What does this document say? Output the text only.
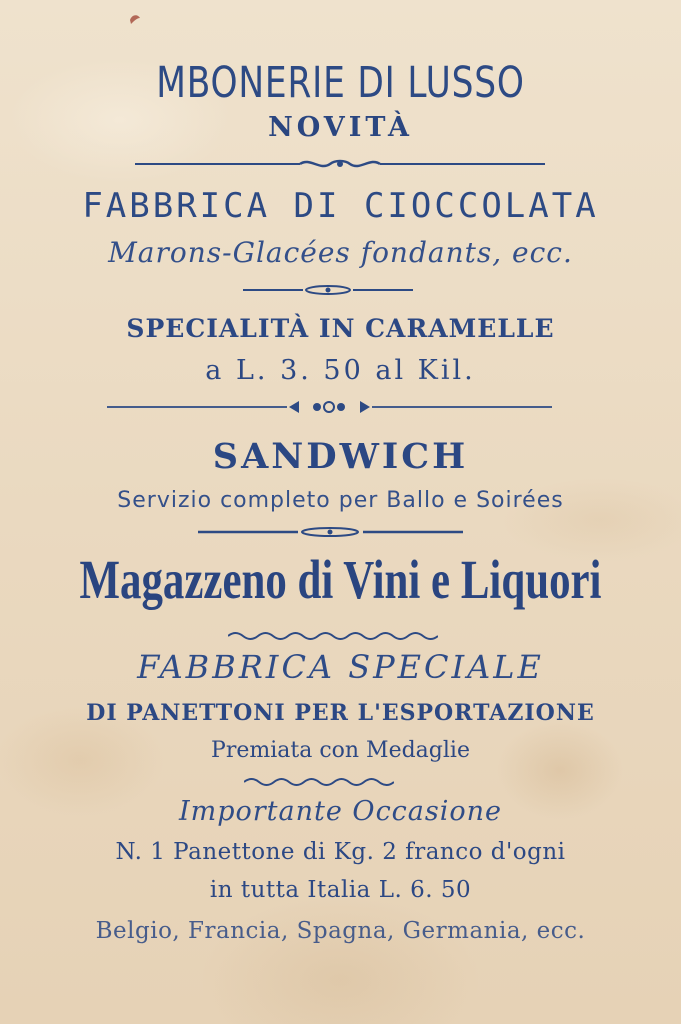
MBONERIE DI LUSSO
NOVITÀ
FABBRICA DI CIOCCOLATA
Marons-Glacées fondants, ecc.
SPECIALITÀ IN CARAMELLE
a L. 3. 50 al Kil.
SANDWICH
Servizio completo per Ballo e Soirées
Magazzeno di Vini e Liquori
FABBRICA SPECIALE
DI PANETTONI PER L'ESPORTAZIONE
Premiata con Medaglie
Importante Occasione
N. 1 Panettone di Kg. 2 franco d'ogni
in tutta Italia L. 6. 50
Belgio, Francia, Spagna, Germania, ecc.
